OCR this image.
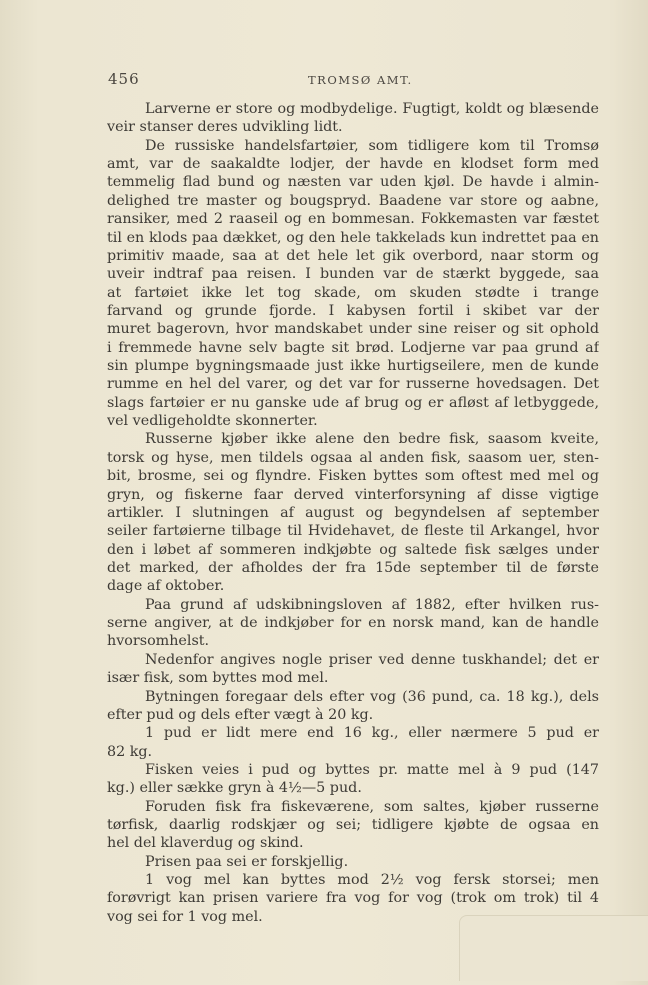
456	TROMSØ AMT.
Larverne er store og modbydelige. Fugtigt, koldt og blæsende
veir stanser deres udvikling lidt.
De russiske handelsfartøier, som tidligere kom til Tromsø
amt, var de saakaldte lodjer, der havde en klodset form med
temmelig flad bund og næsten var uden kjøl. De havde i almin-
delighed tre master og bougspryd. Baadene var store og aabne,
ransiker, med 2 raaseil og en bommesan. Fokkemasten var fæstet
til en klods paa dækket, og den hele takkelads kun indrettet paa en
primitiv maade, saa at det hele let gik overbord, naar storm og
uveir indtraf paa reisen. I bunden var de stærkt byggede, saa
at fartøiet ikke let tog skade, om skuden stødte i trange
farvand og grunde fjorde. I kabysen fortil i skibet var der
muret bagerovn, hvor mandskabet under sine reiser og sit ophold
i fremmede havne selv bagte sit brød. Lodjerne var paa grund af
sin plumpe bygningsmaade just ikke hurtigseilere, men de kunde
rumme en hel del varer, og det var for russerne hovedsagen. Det
slags fartøier er nu ganske ude af brug og er afløst af letbyggede,
vel vedligeholdte skonnerter.
Russerne kjøber ikke alene den bedre fisk, saasom kveite,
torsk og hyse, men tildels ogsaa al anden fisk, saasom uer, sten-
bit, brosme, sei og flyndre. Fisken byttes som oftest med mel og
gryn, og fiskerne faar derved vinterforsyning af disse vigtige
artikler. I slutningen af august og begyndelsen af september
seiler fartøierne tilbage til Hvidehavet, de fleste til Arkangel, hvor
den i løbet af sommeren indkjøbte og saltede fisk sælges under
det marked, der afholdes der fra 15de september til de første
dage af oktober.
Paa grund af udskibningsloven af 1882, efter hvilken rus-
serne angiver, at de indkjøber for en norsk mand, kan de handle
hvorsomhelst.
Nedenfor angives nogle priser ved denne tuskhandel; det er
især fisk, som byttes mod mel.
Bytningen foregaar dels efter vog (36 pund, ca. 18 kg.), dels
efter pud og dels efter vægt à 20 kg.
1 pud er lidt mere end 16 kg., eller nærmere 5 pud er
82 kg.
Fisken veies i pud og byttes pr. matte mel à 9 pud (147
kg.) eller sække gryn à 4½—5 pud.
Foruden fisk fra fiskeværene, som saltes, kjøber russerne
tørfisk, daarlig rodskjær og sei; tidligere kjøbte de ogsaa en
hel del klaverdug og skind.
Prisen paa sei er forskjellig.
1 vog mel kan byttes mod 2½ vog fersk storsei; men
forøvrigt kan prisen variere fra vog for vog (trok om trok) til 4
vog sei for 1 vog mel.
